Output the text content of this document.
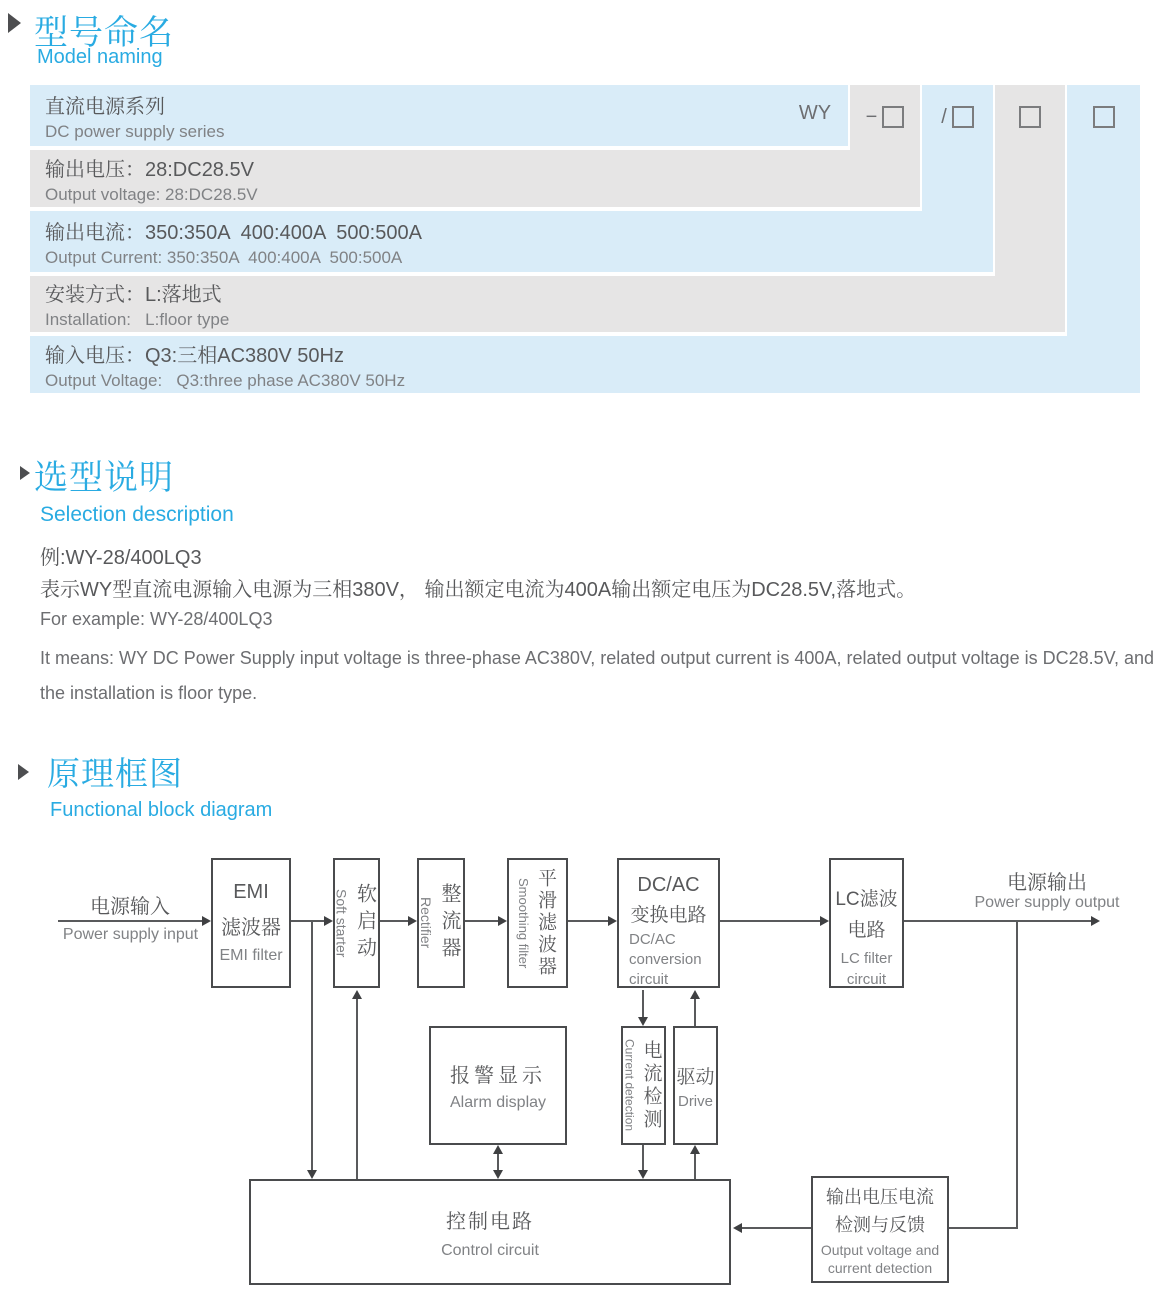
型号命名
Model naming
直流电源系列
DC power supply series
输出电压：28:DC28.5V
Output voltage: 28:DC28.5V
输出电流：350:350A  400:400A  500:500A
Output Current: 350:350A  400:400A  500:500A
安装方式：L:落地式
Installation:   L:floor type
输入电压：Q3:三相AC380V 50Hz
Output Voltage:   Q3:three phase AC380V 50Hz
WY	−	/
选型说明
Selection description
例:WY-28/400LQ3
表示WY型直流电源输入电源为三相380V， 输出额定电流为400A输出额定电压为DC28.5V,落地式。
For example: WY-28/400LQ3
It means: WY DC Power Supply input voltage is three-phase AC380V, related output current is 400A, related output voltage is DC28.5V, and the installation is floor type.
原理框图
Functional block diagram
电源输入
Power supply input
电源输出
Power supply output
EMI
滤波器
EMI filter	Soft starter 软启动	Rectifier 整流器	Smoothing filter 平滑滤波器	DC/AC
变换电路
DC/AC
conversion
circuit
LC滤波
电路
LC filter
circuit
报警显示
Alarm display	Current detection 电流检测 驱动
Drive
控制电路
Control circuit
输出电压电流
检测与反馈
Output voltage and
current detection
